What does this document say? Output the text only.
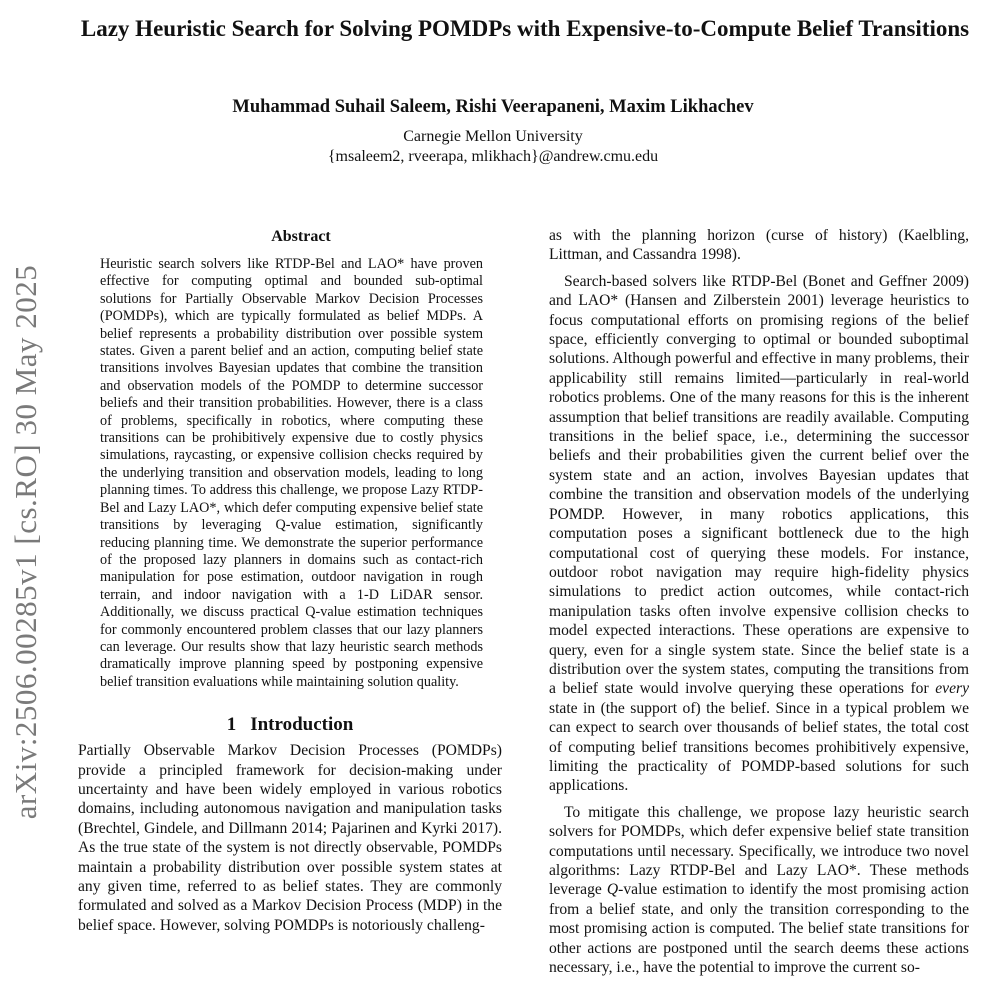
Lazy Heuristic Search for Solving POMDPs with Expensive-to-Compute Belief Transitions
Muhammad Suhail Saleem, Rishi Veerapaneni, Maxim Likhachev
Carnegie Mellon University
{msaleem2, rveerapa, mlikhach}@andrew.cmu.edu
arXiv:2506.00285v1 [cs.RO] 30 May 2025
Abstract

Heuristic search solvers like RTDP-Bel and LAO* have proven effective for computing optimal and bounded sub-optimal solutions for Partially Observable Markov Decision Processes (POMDPs), which are typically formulated as belief MDPs. A belief represents a probability distribution over possible system states. Given a parent belief and an action, computing belief state transitions involves Bayesian updates that combine the transition and observation models of the POMDP to determine successor beliefs and their transition probabilities. However, there is a class of problems, specifically in robotics, where computing these transitions can be prohibitively expensive due to costly physics simulations, raycasting, or expensive collision checks required by the underlying transition and observation models, leading to long planning times. To address this challenge, we propose Lazy RTDP-Bel and Lazy LAO*, which defer computing expensive belief state transitions by leveraging Q-value estimation, significantly reducing planning time. We demonstrate the superior performance of the proposed lazy planners in domains such as contact-rich manipulation for pose estimation, outdoor navigation in rough terrain, and indoor navigation with a 1-D LiDAR sensor. Additionally, we discuss practical Q-value estimation techniques for commonly encountered problem classes that our lazy planners can leverage. Our results show that lazy heuristic search methods dramatically improve planning speed by postponing expensive belief transition evaluations while maintaining solution quality.

1 Introduction

Partially Observable Markov Decision Processes (POMDPs) provide a principled framework for decision-making under uncertainty and have been widely employed in various robotics domains, including autonomous navigation and manipulation tasks (Brechtel, Gindele, and Dillmann 2014; Pajarinen and Kyrki 2017). As the true state of the system is not directly observable, POMDPs maintain a probability distribution over possible system states at any given time, referred to as belief states. They are commonly formulated and solved as a Markov Decision Process (MDP) in the belief space. However, solving POMDPs is notoriously challeng-

as with the planning horizon (curse of history) (Kaelbling, Littman, and Cassandra 1998).

Search-based solvers like RTDP-Bel (Bonet and Geffner 2009) and LAO* (Hansen and Zilberstein 2001) leverage heuristics to focus computational efforts on promising regions of the belief space, efficiently converging to optimal or bounded suboptimal solutions. Although powerful and effective in many problems, their applicability still remains limited—particularly in real-world robotics problems. One of the many reasons for this is the inherent assumption that belief transitions are readily available. Computing transitions in the belief space, i.e., determining the successor beliefs and their probabilities given the current belief over the system state and an action, involves Bayesian updates that combine the transition and observation models of the underlying POMDP. However, in many robotics applications, this computation poses a significant bottleneck due to the high computational cost of querying these models. For instance, outdoor robot navigation may require high-fidelity physics simulations to predict action outcomes, while contact-rich manipulation tasks often involve expensive collision checks to model expected interactions. These operations are expensive to query, even for a single system state. Since the belief state is a distribution over the system states, computing the transitions from a belief state would involve querying these operations for every state in (the support of) the belief. Since in a typical problem we can expect to search over thousands of belief states, the total cost of computing belief transitions becomes prohibitively expensive, limiting the practicality of POMDP-based solutions for such applications.

To mitigate this challenge, we propose lazy heuristic search solvers for POMDPs, which defer expensive belief state transition computations until necessary. Specifically, we introduce two novel algorithms: Lazy RTDP-Bel and Lazy LAO*. These methods leverage Q-value estimation to identify the most promising action from a belief state, and only the transition corresponding to the most promising action is computed. The belief state transitions for other actions are postponed until the search deems these actions necessary, i.e., have the potential to improve the current so-
